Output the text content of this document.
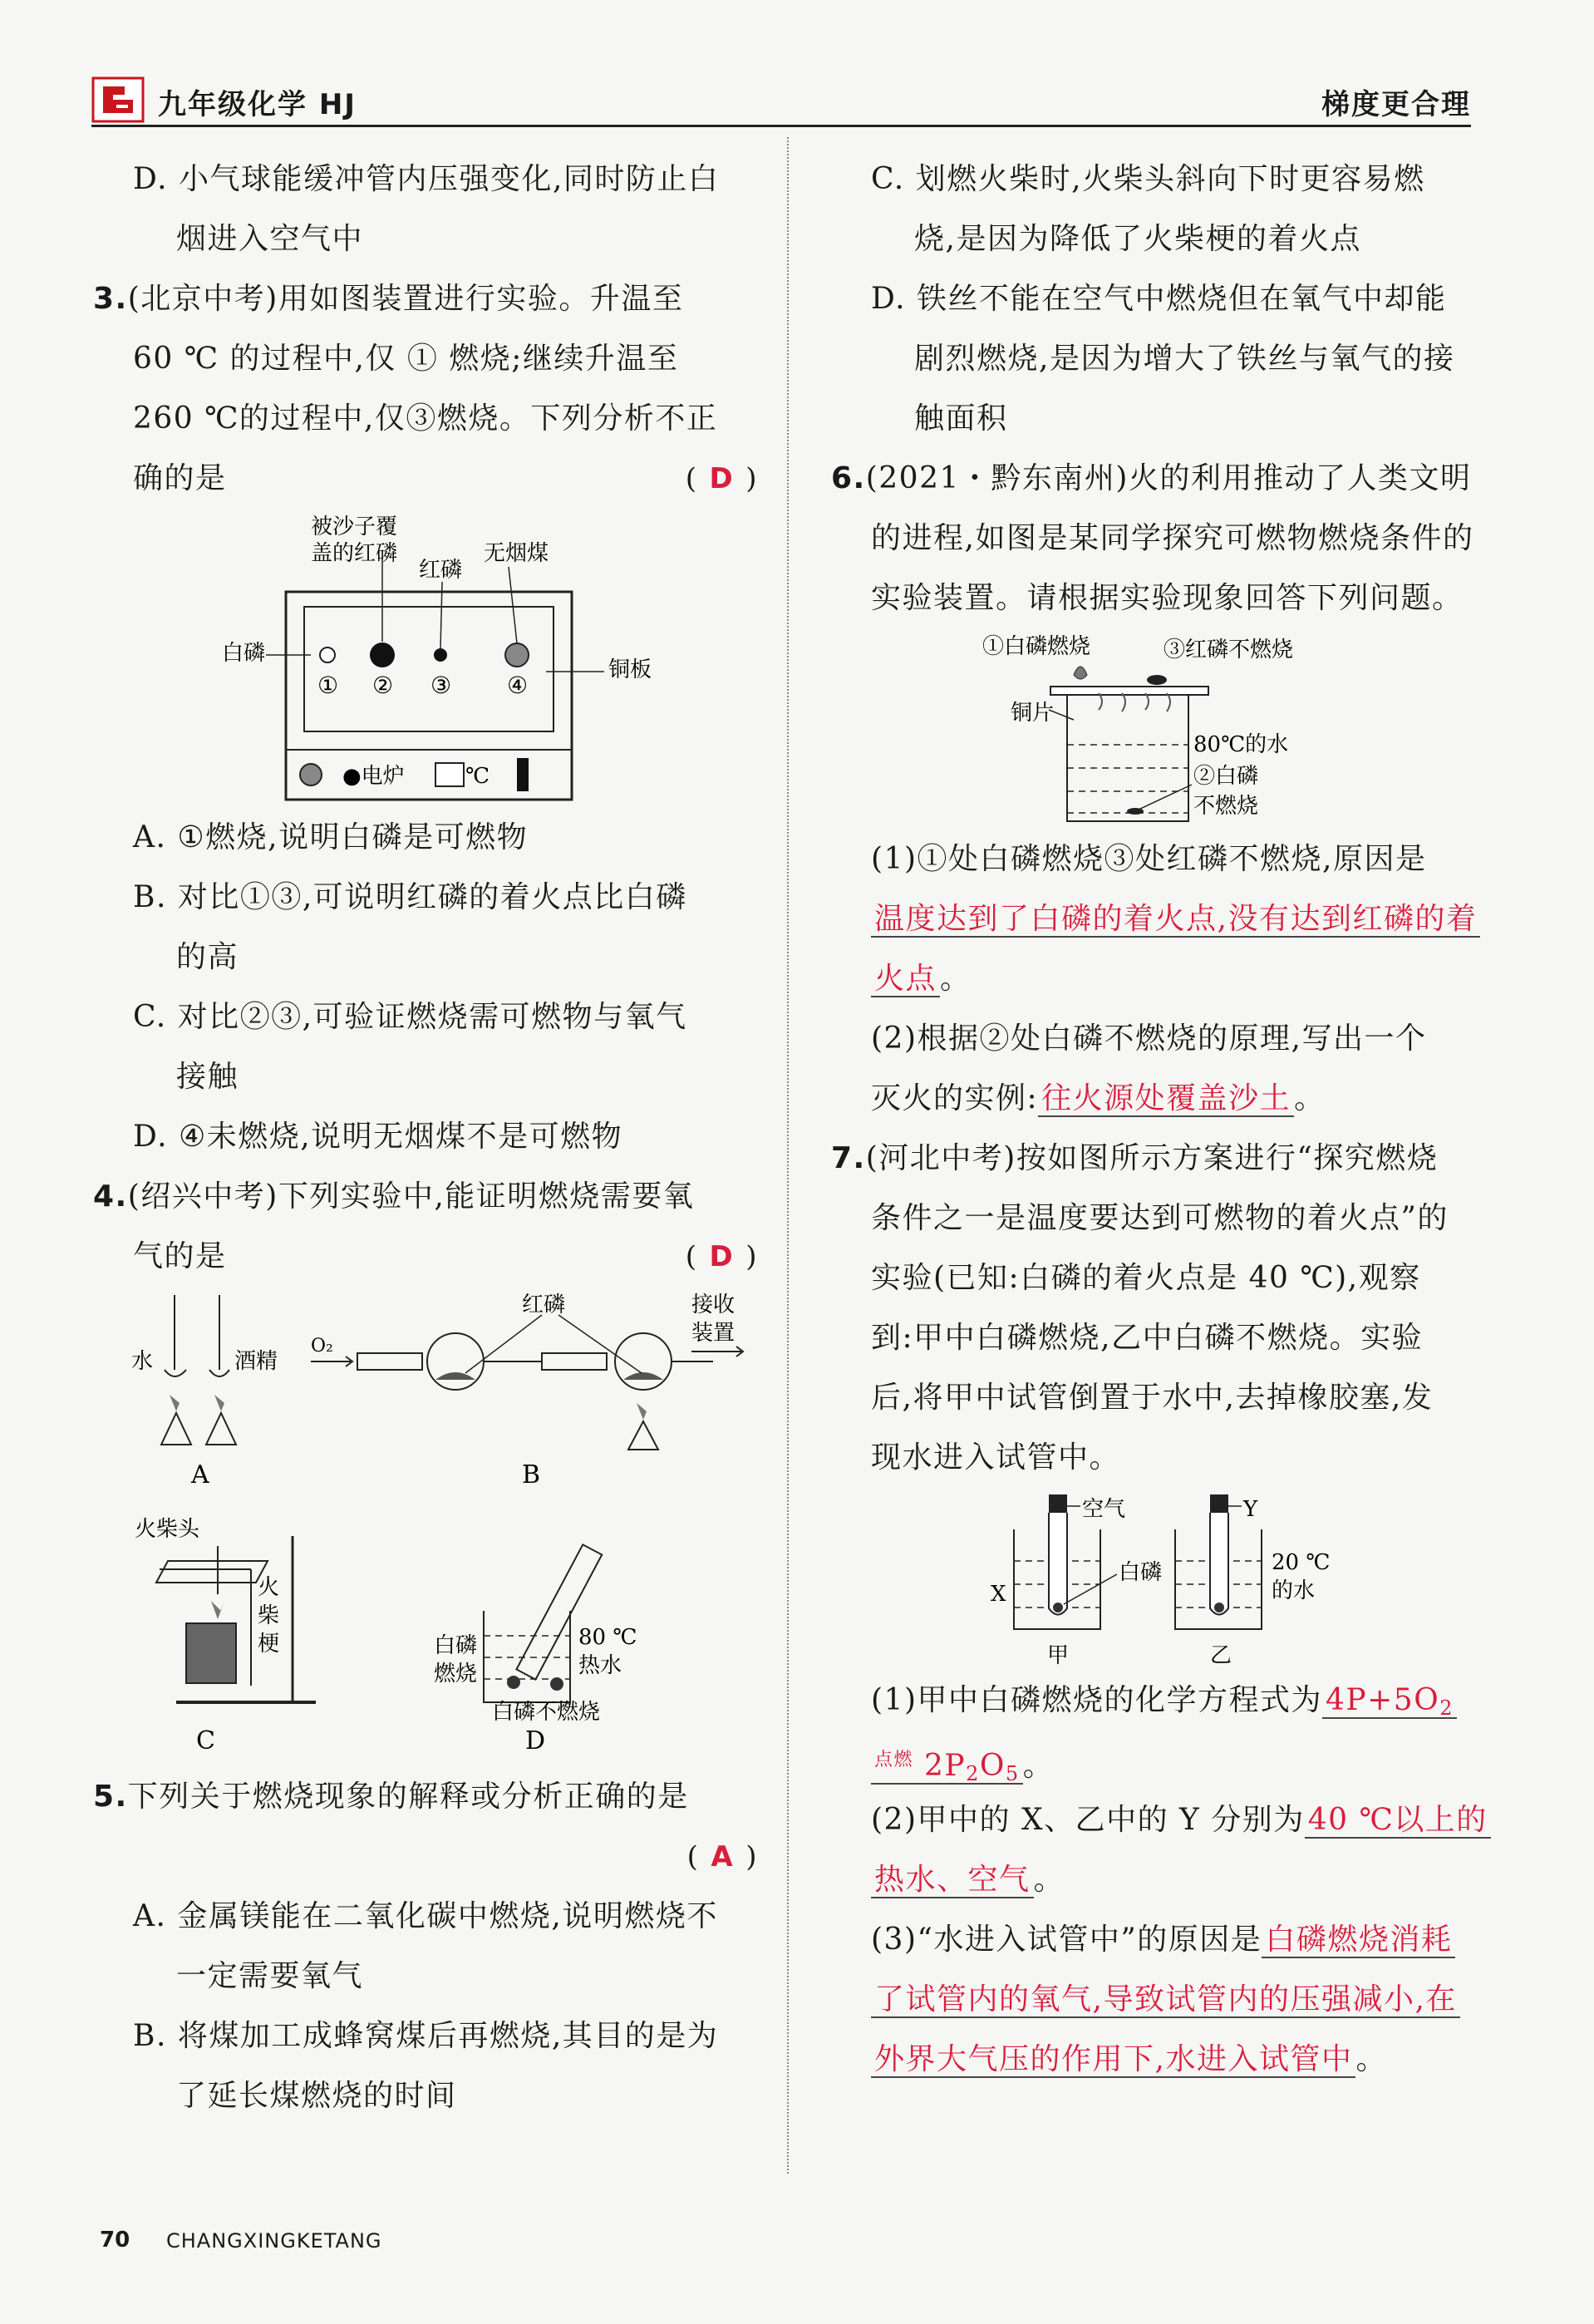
九年级化学 HJ	梯度更合理
D. 小气球能缓冲管内压强变化,同时防止白
烟进入空气中
3.(北京中考)用如图装置进行实验。升温至
60 ℃ 的过程中,仅 ① 燃烧;继续升温至
260 ℃的过程中,仅③燃烧。下列分析不正
确的是	( D )
被沙子覆
盖的红磷
红磷
无烟煤
白磷
铜板
① ② ③ ④
●电炉	℃
A. ①燃烧,说明白磷是可燃物
B. 对比①③,可说明红磷的着火点比白磷
的高
C. 对比②③,可验证燃烧需可燃物与氧气
接触
D. ④未燃烧,说明无烟煤不是可燃物
4.(绍兴中考)下列实验中,能证明燃烧需要氧
气的是	( D )
水	酒精
A
O₂
红磷	接收
装置
B
火柴头
火
柴
梗
C
白磷
燃烧
80 ℃
热水
白磷不燃烧
D
5.下列关于燃烧现象的解释或分析正确的是
( A )
A. 金属镁能在二氧化碳中燃烧,说明燃烧不
一定需要氧气
B. 将煤加工成蜂窝煤后再燃烧,其目的是为
了延长煤燃烧的时间
C. 划燃火柴时,火柴头斜向下时更容易燃
烧,是因为降低了火柴梗的着火点
D. 铁丝不能在空气中燃烧但在氧气中却能
剧烈燃烧,是因为增大了铁丝与氧气的接
触面积
6.(2021・黔东南州)火的利用推动了人类文明
的进程,如图是某同学探究可燃物燃烧条件的
实验装置。请根据实验现象回答下列问题。
①白磷燃烧	③红磷不燃烧
铜片
80℃的水
②白磷
不燃烧
(1)①处白磷燃烧③处红磷不燃烧,原因是
温度达到了白磷的着火点,没有达到红磷的着
火点 。
(2)根据②处白磷不燃烧的原理,写出一个
灭火的实例: 往火源处覆盖沙土 。
7.(河北中考)按如图所示方案进行“探究燃烧
条件之一是温度要达到可燃物的着火点”的
实验(已知:白磷的着火点是 40 ℃),观察
到:甲中白磷燃烧,乙中白磷不燃烧。实验
后,将甲中试管倒置于水中,去掉橡胶塞,发
现水进入试管中。
空气
X
白磷
甲
Y
20 ℃
的水
乙
(1)甲中白磷燃烧的化学方程式为 $4P+5O_2$
$^{点燃}$ $2P_2O_5$ 。
(2)甲中的 X、乙中的 Y 分别为 40 ℃以上的
热水、空气 。
(3)“水进入试管中”的原因是 白磷燃烧消耗
了试管内的氧气,导致试管内的压强减小,在
外界大气压的作用下,水进入试管中 。
70 CHANGXINGKETANG
